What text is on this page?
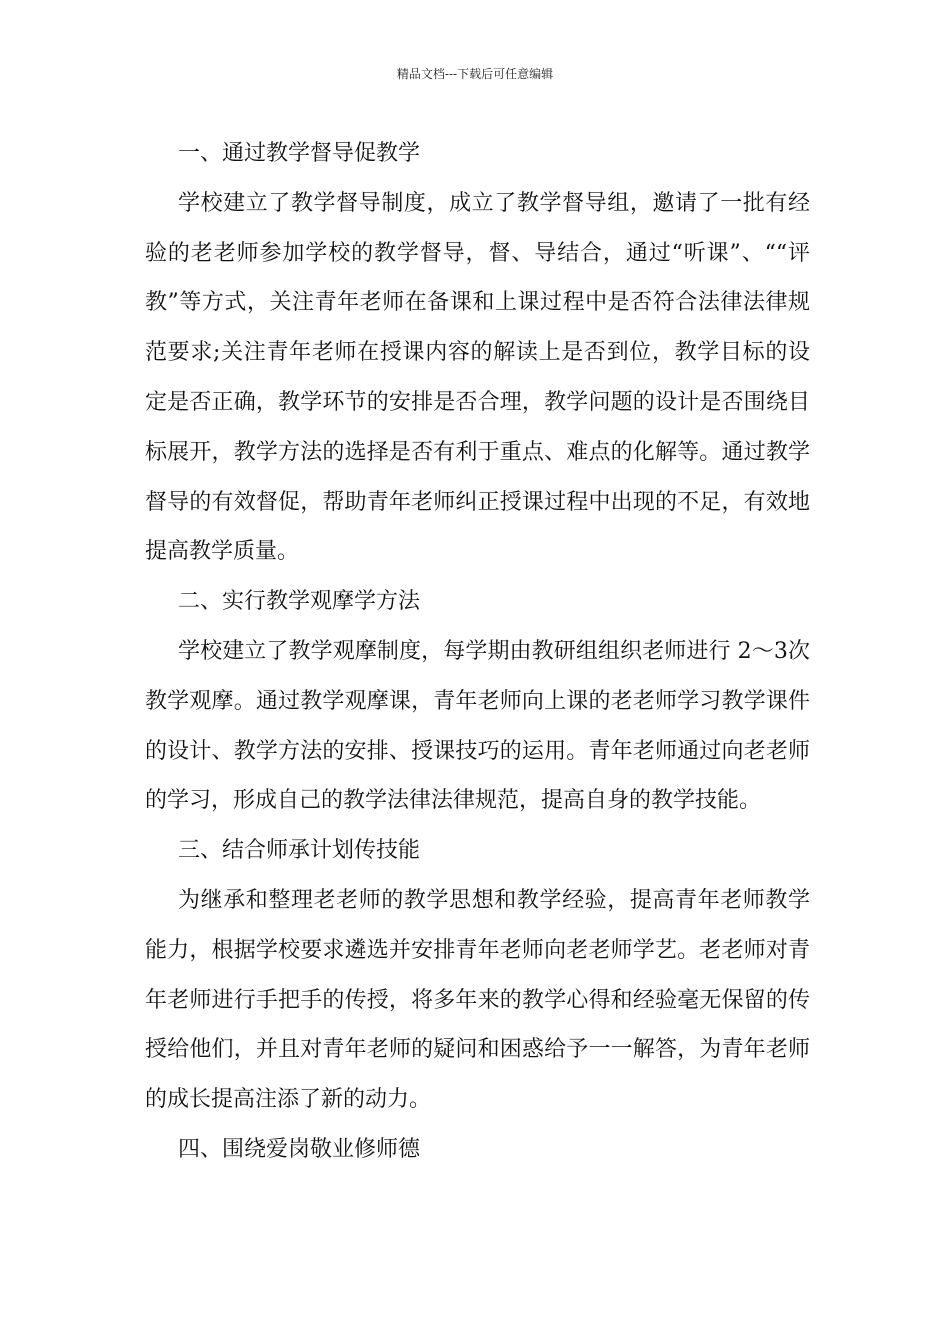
精品文档---下载后可任意编辑

一、通过教学督导促教学

学校建立了教学督导制度，成立了教学督导组，邀请了一批有经验的老老师参加学校的教学督导，督、导结合，通过“听课”、““评教”等方式，关注青年老师在备课和上课过程中是否符合法律法律规范要求;关注青年老师在授课内容的解读上是否到位，教学目标的设定是否正确，教学环节的安排是否合理，教学问题的设计是否围绕目标展开，教学方法的选择是否有利于重点、难点的化解等。通过教学督导的有效督促，帮助青年老师纠正授课过程中出现的不足，有效地提高教学质量。

二、实行教学观摩学方法

学校建立了教学观摩制度，每学期由教研组组织老师进行 2～3次教学观摩。通过教学观摩课，青年老师向上课的老老师学习教学课件的设计、教学方法的安排、授课技巧的运用。青年老师通过向老老师的学习，形成自己的教学法律法律规范，提高自身的教学技能。

三、结合师承计划传技能

为继承和整理老老师的教学思想和教学经验，提高青年老师教学能力，根据学校要求遴选并安排青年老师向老老师学艺。老老师对青年老师进行手把手的传授，将多年来的教学心得和经验毫无保留的传授给他们，并且对青年老师的疑问和困惑给予一一解答，为青年老师的成长提高注添了新的动力。

四、围绕爱岗敬业修师德
